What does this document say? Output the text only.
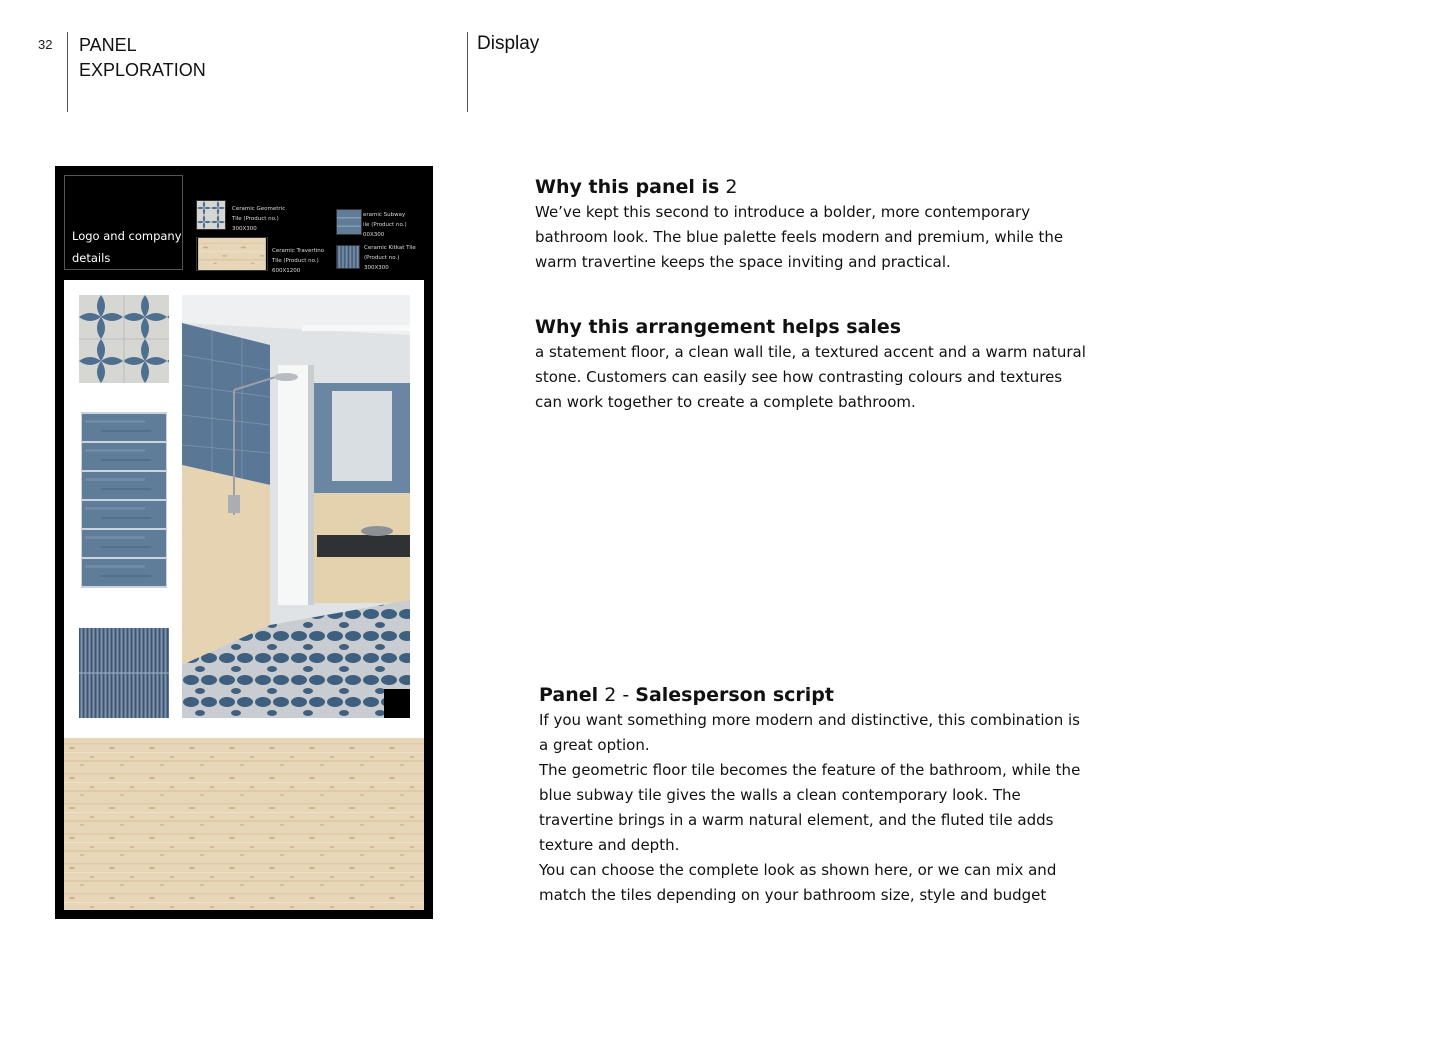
32 PANEL
EXPLORATION
Display
Logo and company details
Ceramic Geometric
Tile (Product no.)
300X300
eramic Subway
ile (Product no.)
00X300
Ceramic Travertino
Tile (Product no.)
600X1200
Ceramic Kitkat Tile
(Product no.)
300X300
Why this panel is 2

We’ve kept this second to introduce a bolder, more contemporary bathroom look. The blue palette feels modern and premium, while the warm travertine keeps the space inviting and practical.

Why this arrangement helps sales

a statement floor, a clean wall tile, a textured accent and a warm natural stone. Customers can easily see how contrasting colours and textures can work together to create a complete bathroom.

Panel 2 - Salesperson script

If you want something more modern and distinctive, this combination is a great option.

The geometric floor tile becomes the feature of the bathroom, while the blue subway tile gives the walls a clean contemporary look. The travertine brings in a warm natural element, and the fluted tile adds texture and depth.

You can choose the complete look as shown here, or we can mix and match the tiles depending on your bathroom size, style and budget
